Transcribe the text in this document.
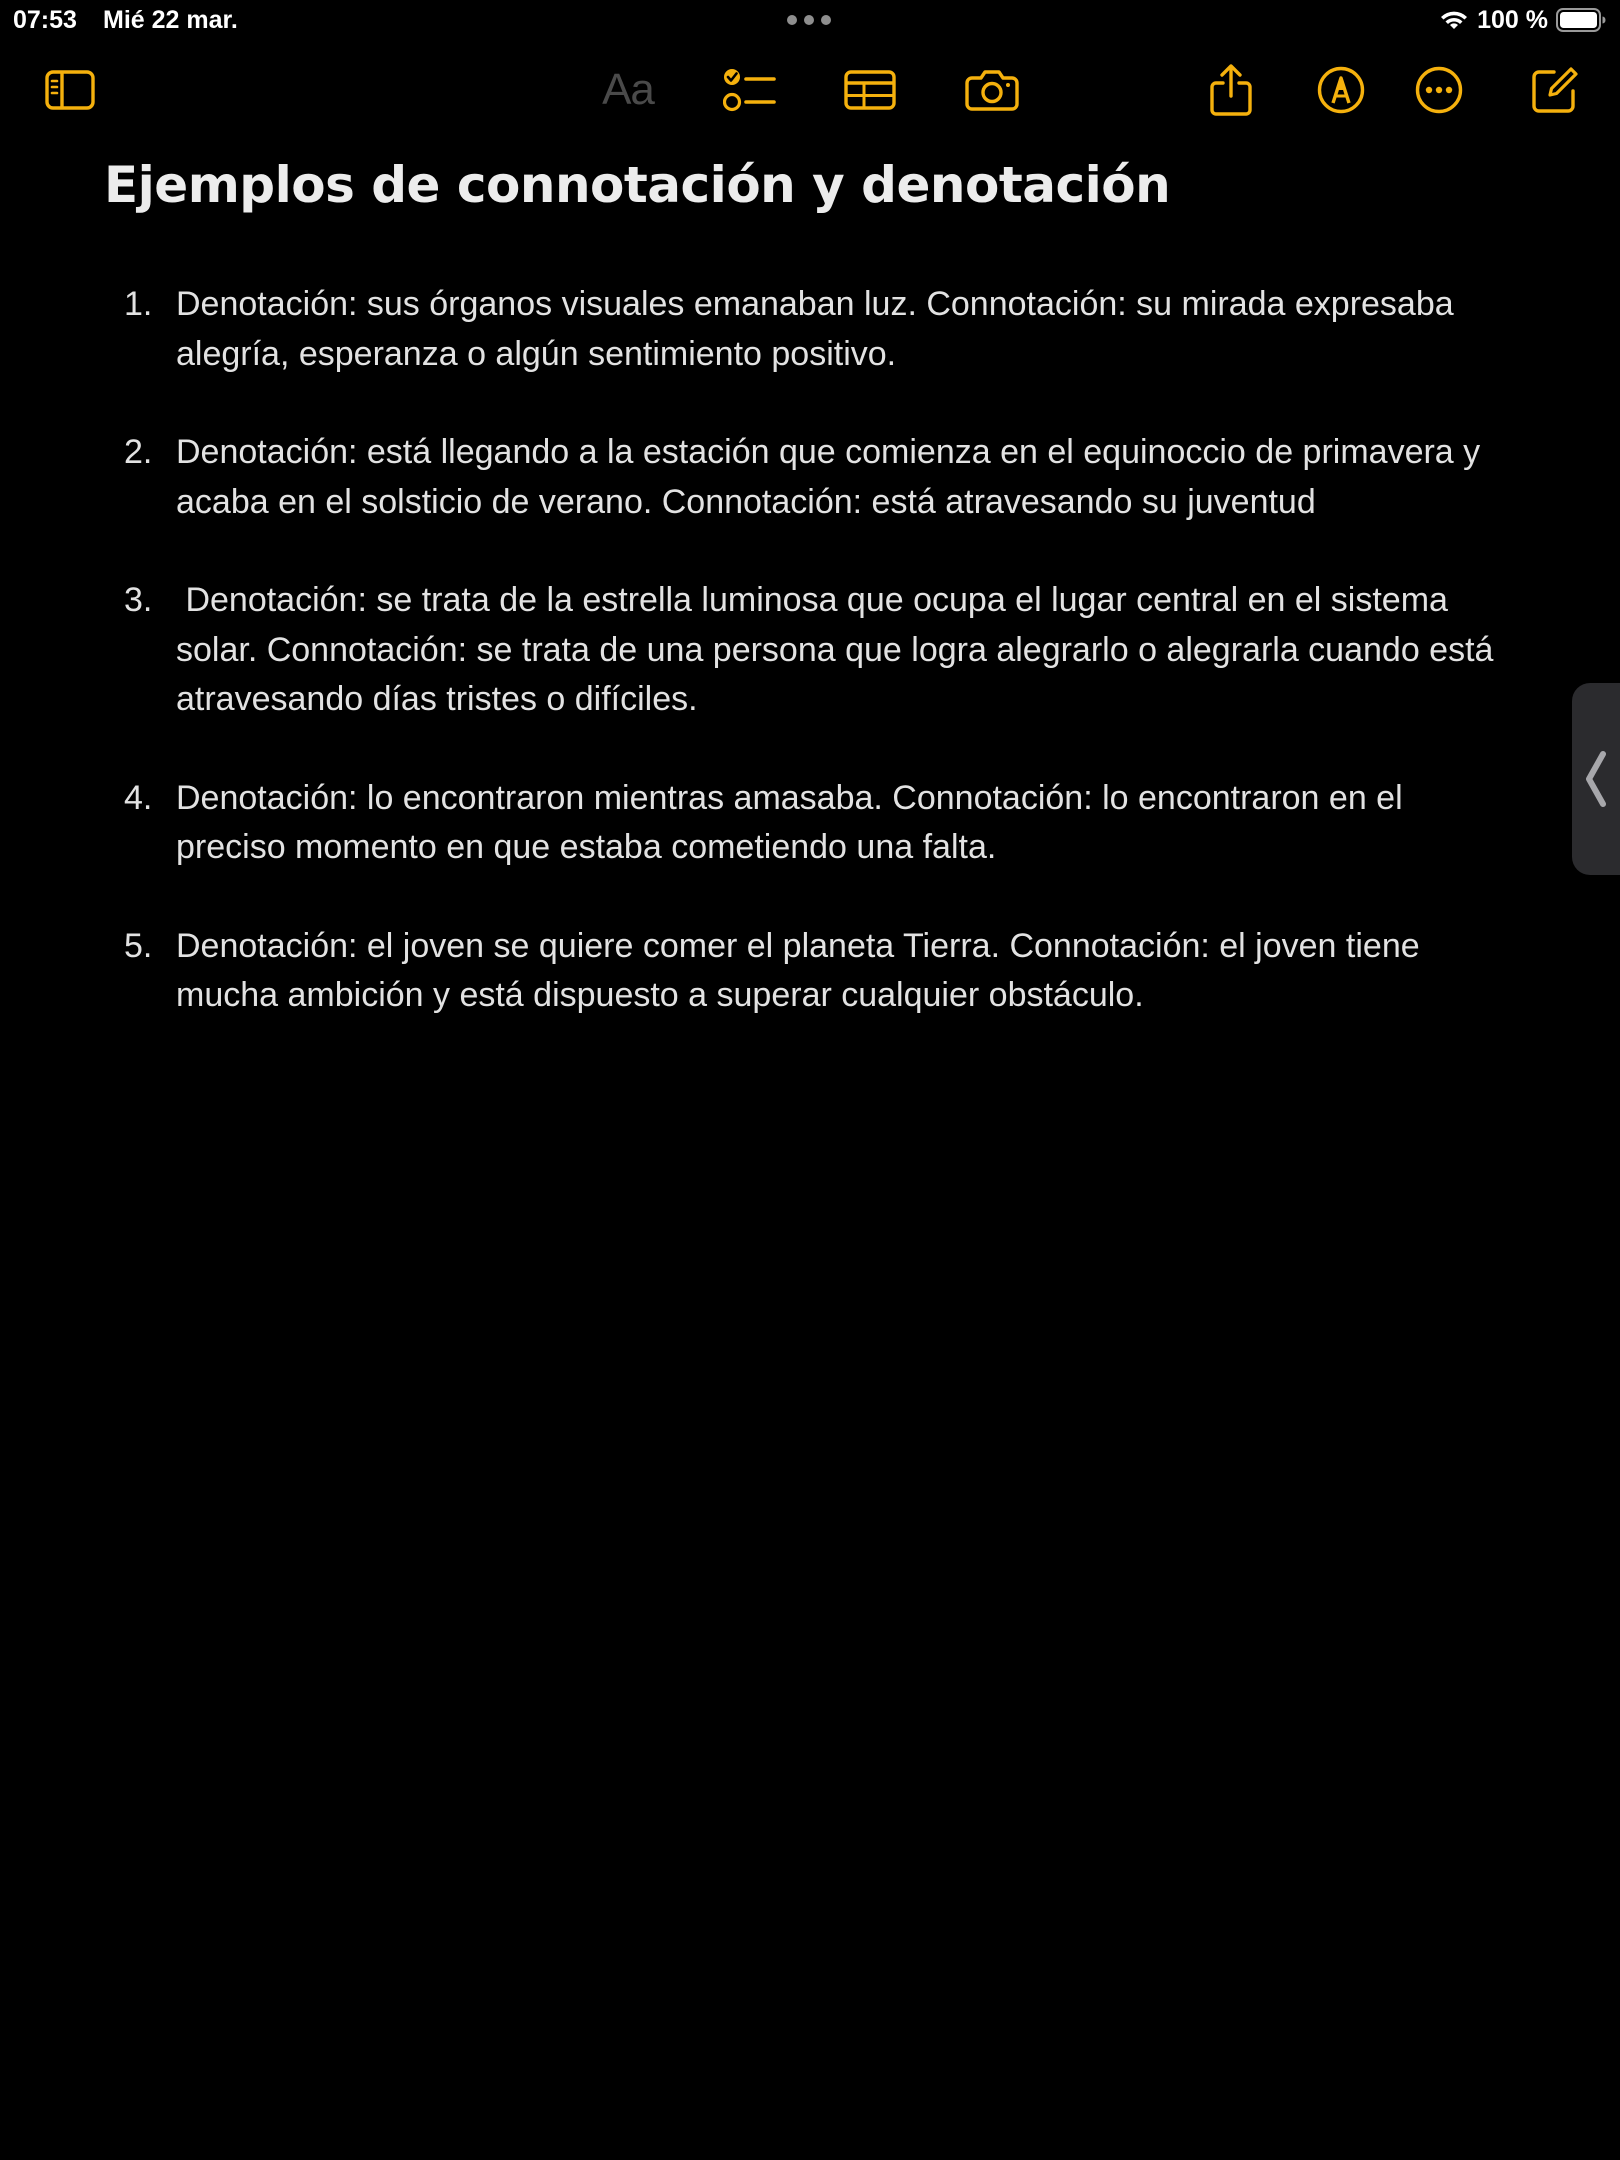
07:53 Mié 22 mar.	100 %
Aa
Ejemplos de connotación y denotación
1. Denotación: sus órganos visuales emanaban luz. Connotación: su mirada expresaba alegría, esperanza o algún sentimiento positivo.
2. Denotación: está llegando a la estación que comienza en el equinoccio de primavera y acaba en el solsticio de verano. Connotación: está atravesando su juventud
3. Denotación: se trata de la estrella luminosa que ocupa el lugar central en el sistema solar. Connotación: se trata de una persona que logra alegrarlo o alegrarla cuando está atravesando días tristes o difíciles.
4. Denotación: lo encontraron mientras amasaba. Connotación: lo encontraron en el preciso momento en que estaba cometiendo una falta.
5. Denotación: el joven se quiere comer el planeta Tierra. Connotación: el joven tiene mucha ambición y está dispuesto a superar cualquier obstáculo.
